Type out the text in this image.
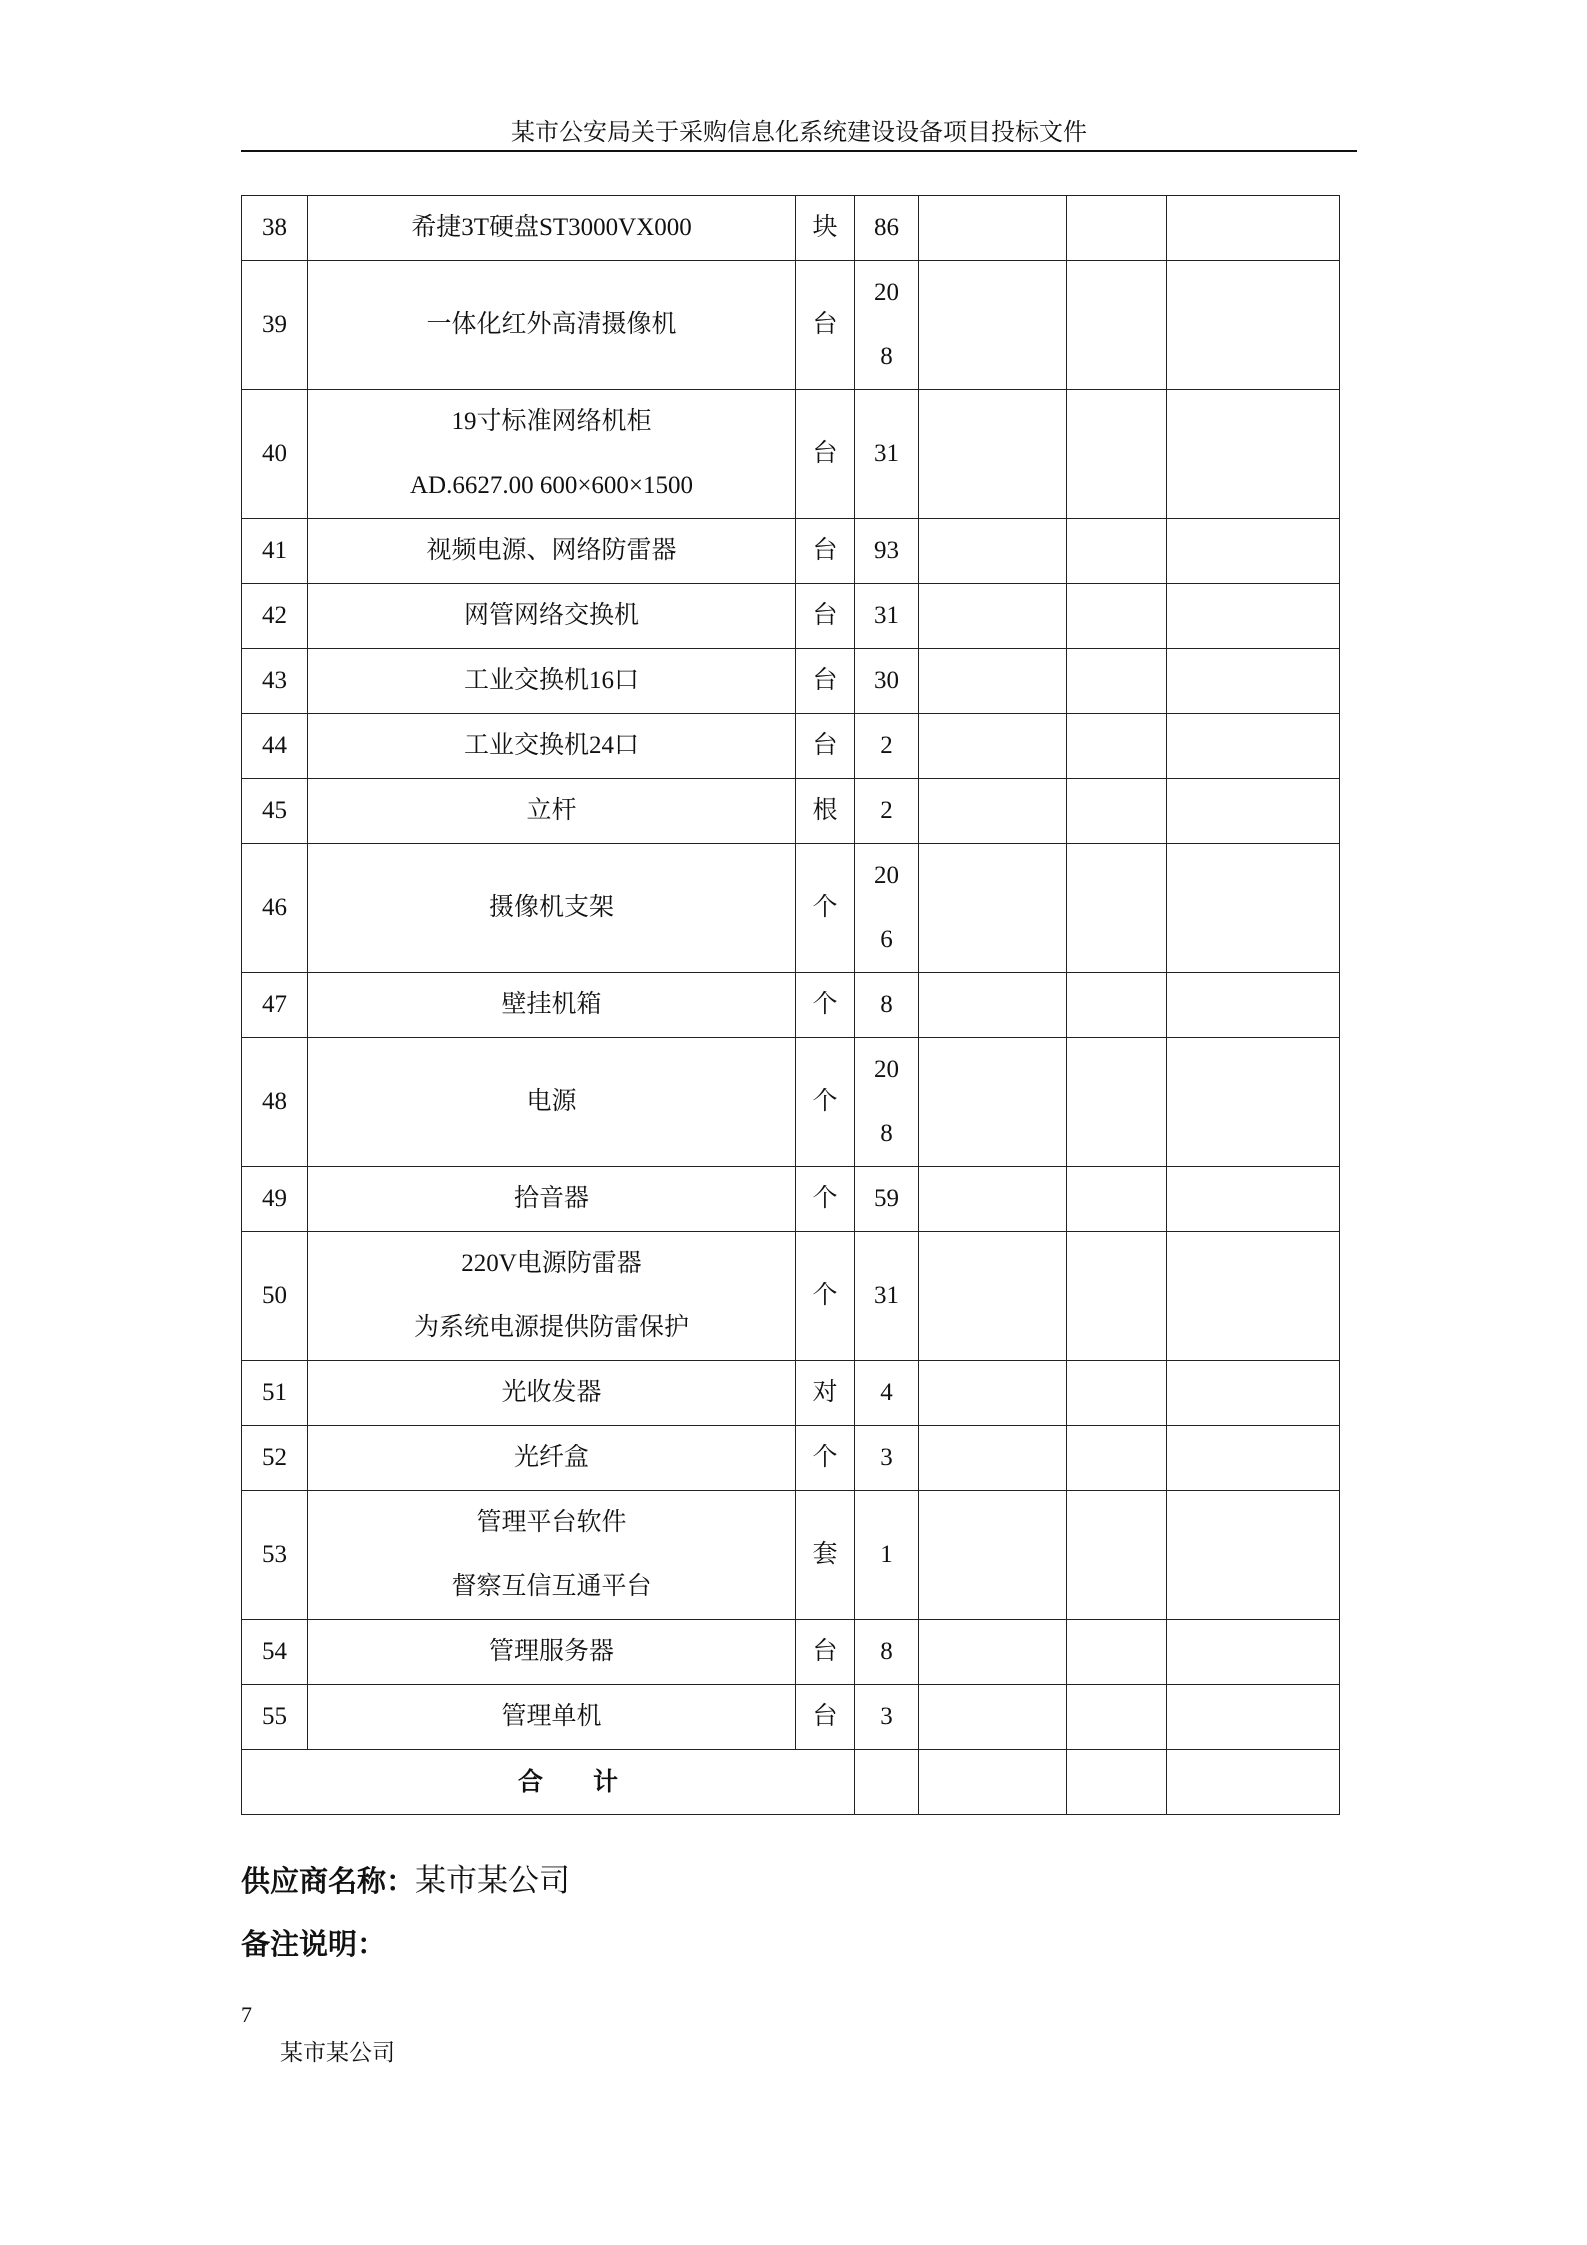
某市公安局关于采购信息化系统建设设备项目投标文件
38	希捷3T硬盘ST3000VX000	块	86			
39	一体化红外高清摄像机	台	208			
40	19寸标准网络机柜
AD.6627.00 600×600×1500	台	31			
41	视频电源、网络防雷器	台	93			
42	网管网络交换机	台	31			
43	工业交换机16口	台	30			
44	工业交换机24口	台	2			
45	立杆	根	2			
46	摄像机支架	个	206			
47	壁挂机箱	个	8			
48	电源	个	208			
49	拾音器	个	59			
50	220V电源防雷器
为系统电源提供防雷保护	个	31			
51	光收发器	对	4			
52	光纤盒	个	3			
53	管理平台软件
督察互信互通平台	套	1			
54	管理服务器	台	8			
55	管理单机	台	3			
合　　计						
供应商名称：某市某公司
备注说明：
7
某市某公司
